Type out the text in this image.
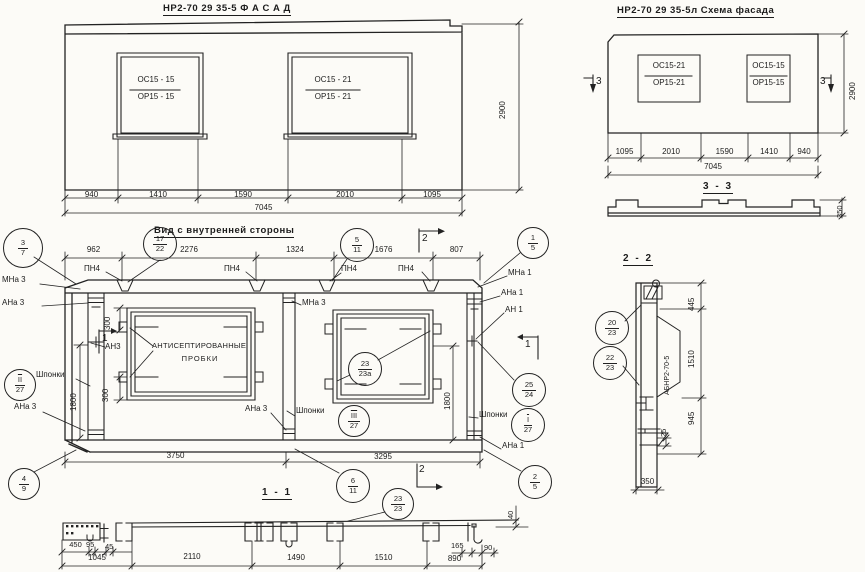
НР2-70 29 35-5 Ф А С А Д	НР2-70 29 35-5л Схема фасада
Вид с внутренней стороны
1 - 1
2 - 2
3 - 3
ОС15 - 15
ОР15 - 15
ОС15 - 21
ОР15 - 21
940	1410	1590	2010	1095
7045
2900
ОС15-21
ОР15-21
ОС15-15
ОР15-15
1095	2010	1590	1410	940
7045
2900
3	3
350
962	2276	1324	1676	807
3750	3295
1800	1800
300
300
ПН4	ПН4	ПН4	ПН4
МНа 3
АНа 3
АН3
Шпонки
АНа 3
МНа 3
АНа 3	Шпонки
МНа 1
АНа 1
АН 1
Шпонки
АНа 1
АНТИСЕПТИРОВАННЫЕ
ПРОБКИ
1
1
2
2
3
7
17
22
5
11
1
5
$\overline{II}$
27
4
9
23
23а
25
24
$\overline{I}$
27
$\overline{III}$
27
6
11
2
5
450 95 45
1045	2110	1490	1510	890
165	90
40
23
23
445
1510
945
25
350
АБНР2-70-5
20
23
22
23
